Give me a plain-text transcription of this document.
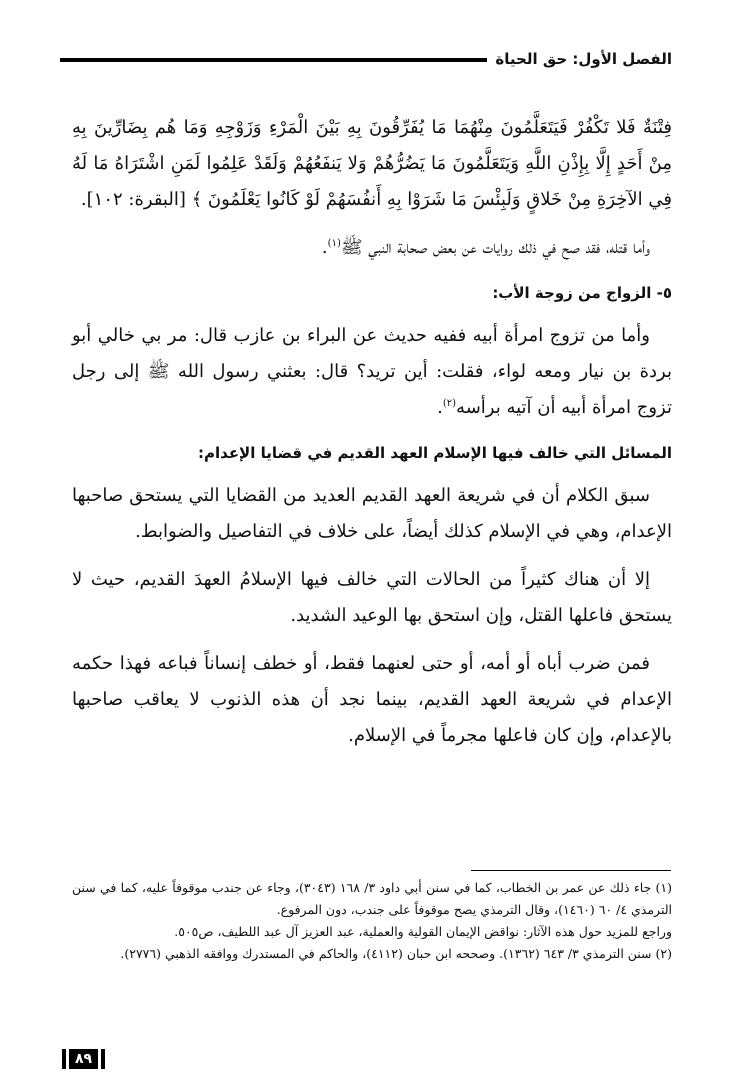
الفصل الأول: حق الحياة

فِتْنَةٌ فَلا تَكْفُرْ فَيَتَعَلَّمُونَ مِنْهُمَا مَا يُفَرِّقُونَ بِهِ بَيْنَ الْمَرْءِ وَزَوْجِهِ وَمَا هُم بِضَارِّينَ بِهِ مِنْ أَحَدٍ إِلَّا بِإِذْنِ اللَّهِ وَيَتَعَلَّمُونَ مَا يَضُرُّهُمْ وَلا يَنفَعُهُمْ وَلَقَدْ عَلِمُوا لَمَنِ اشْتَرَاهُ مَا لَهُ فِي الآخِرَةِ مِنْ خَلاقٍ وَلَبِئْسَ مَا شَرَوْا بِهِ أَنفُسَهُمْ لَوْ كَانُوا يَعْلَمُونَ ﴾ [البقرة: ١٠٢].

وأما قتله، فقد صح في ذلك روايات عن بعض صحابة النبي ﷺ$^{(١)}$.

٥- الزواج من زوجة الأب:

وأما من تزوج امرأة أبيه ففيه حديث عن البراء بن عازب قال: مر بي خالي أبو بردة بن نيار ومعه لواء، فقلت: أين تريد؟ قال: بعثني رسول الله ﷺ إلى رجل تزوج امرأة أبيه أن آتيه برأسه$^{(٢)}$.

المسائل التي خالف فيها الإسلام العهد القديم في قضايا الإعدام:

سبق الكلام أن في شريعة العهد القديم العديد من القضايا التي يستحق صاحبها الإعدام، وهي في الإسلام كذلك أيضاً، على خلاف في التفاصيل والضوابط.

إلا أن هناك كثيراً من الحالات التي خالف فيها الإسلامُ العهدَ القديم، حيث لا يستحق فاعلها القتل، وإن استحق بها الوعيد الشديد.

فمن ضرب أباه أو أمه، أو حتى لعنهما فقط، أو خطف إنساناً فباعه فهذا حكمه الإعدام في شريعة العهد القديم، بينما نجد أن هذه الذنوب لا يعاقب صاحبها بالإعدام، وإن كان فاعلها مجرماً في الإسلام.

(١) جاء ذلك عن عمر بن الخطاب، كما في سنن أبي داود ٣/ ١٦٨ (٣٠٤٣)، وجاء عن جندب موقوفاً عليه، كما في سنن الترمذي ٤/ ٦٠ (١٤٦٠)، وقال الترمذي يصح موقوفاً على جندب، دون المرفوع.

وراجع للمزيد حول هذه الآثار: نواقض الإيمان القولية والعملية، عبد العزيز آل عبد اللطيف، ص٥٠٥.

(٢) سنن الترمذي ٣/ ٦٤٣ (١٣٦٢). وصححه ابن حبان (٤١١٢)، والحاكم في المستدرك ووافقه الذهبي (٢٧٧٦).

٨٩
